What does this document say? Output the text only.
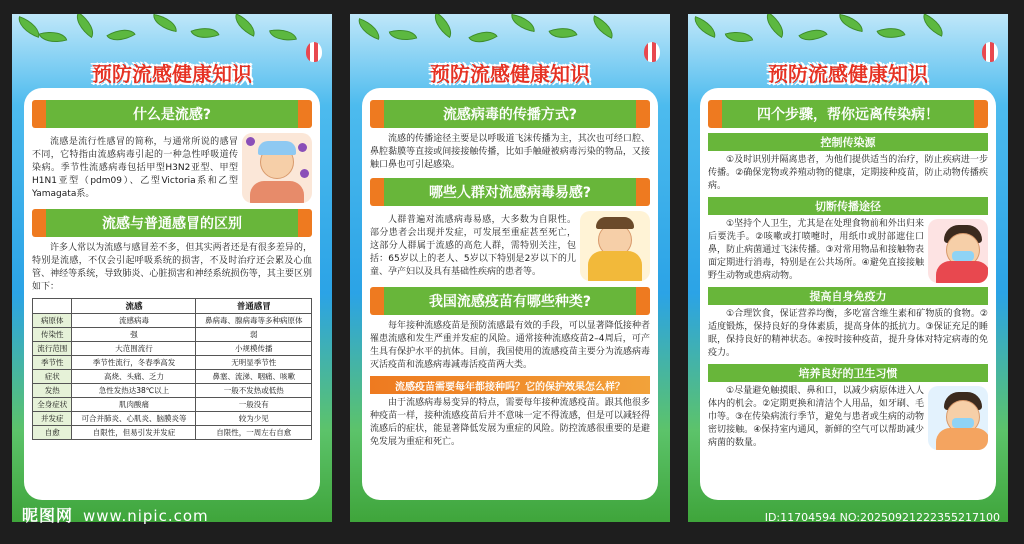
预防流感健康知识
什么是流感?
流感是流行性感冒的简称，与通常所说的感冒不同，它特指由流感病毒引起的一种急性呼吸道传染病。季节性流感病毒包括甲型H3N2亚型、甲型H1N1亚型（pdm09）、乙型Victoria系和乙型Yamagata系。
流感与普通感冒的区别
许多人常以为流感与感冒差不多，但其实两者还是有很多差异的，特别是流感，不仅会引起呼吸系统的损害，不及时治疗还会累及心血管、神经等系统，导致肺炎、心脏损害和神经系统损伤等，其主要区别如下：
	流感	普通感冒
病原体	流感病毒	鼻病毒、腺病毒等多种病原体
传染性	强	弱
流行范围	大范围流行	小规模传播
季节性	季节性流行，冬春季高发	无明显季节性
症状	高烧、头痛、乏力	鼻塞、流涕、咽痛、咳嗽
发热	急性发热达38℃以上	一般不发热或低热
全身症状	肌肉酸痛	一般没有
并发症	可合并肺炎、心肌炎、脑膜炎等	较为少见
自愈	自限性，但易引发并发症	自限性，一周左右自愈
预防流感健康知识
流感病毒的传播方式?
流感的传播途径主要是以呼吸道飞沫传播为主，其次也可经口腔、鼻腔黏膜等直接或间接接触传播，比如手触碰被病毒污染的物品，又接触口鼻也可引起感染。
哪些人群对流感病毒易感?
人群普遍对流感病毒易感，大多数为自限性。部分患者会出现并发症，可发展至重症甚至死亡，这部分人群属于流感的高危人群，需特别关注，包括：65岁以上的老人、5岁以下特别是2岁以下的儿童、孕产妇以及具有基础性疾病的患者等。
我国流感疫苗有哪些种类?
每年接种流感疫苗是预防流感最有效的手段，可以显著降低接种者罹患流感和发生严重并发症的风险。通常接种流感疫苗2–4周后，可产生具有保护水平的抗体。目前，我国使用的流感疫苗主要分为流感病毒灭活疫苗和流感病毒减毒活疫苗两大类。
流感疫苗需要每年都接种吗？它的保护效果怎么样？
由于流感病毒易变异的特点，需要每年接种流感疫苗。跟其他很多种疫苗一样，接种流感疫苗后并不意味一定不得流感，但是可以减轻得流感后的症状，能显著降低发展为重症的风险。防控流感很重要的是避免发展为重症和死亡。
预防流感健康知识
四个步骤，帮你远离传染病！
控制传染源
①及时识别并隔离患者，为他们提供适当的治疗，防止疾病进一步传播。②确保宠物或养殖动物的健康，定期接种疫苗，防止动物传播疾病。
切断传播途径
①坚持个人卫生，尤其是在处理食物前和外出归来后要洗手。②咳嗽或打喷嚏时，用纸巾或肘部遮住口鼻，防止病菌通过飞沫传播。③对常用物品和接触物表面定期进行消毒，特别是在公共场所。④避免直接接触野生动物或患病动物。
提高自身免疫力
①合理饮食，保证营养均衡，多吃富含维生素和矿物质的食物。②适度锻炼，保持良好的身体素质，提高身体的抵抗力。③保证充足的睡眠，保持良好的精神状态。④按时接种疫苗，提升身体对特定病毒的免疫力。
培养良好的卫生习惯
①尽量避免触摸眼、鼻和口，以减少病原体进入人体内的机会。②定期更换和清洁个人用品，如牙刷、毛巾等。③在传染病流行季节，避免与患者或生病的动物密切接触。④保持室内通风，新鲜的空气可以帮助减少病菌的数量。
昵图网 www.nipic.com	ID:11704594 NO:20250921222355217100
